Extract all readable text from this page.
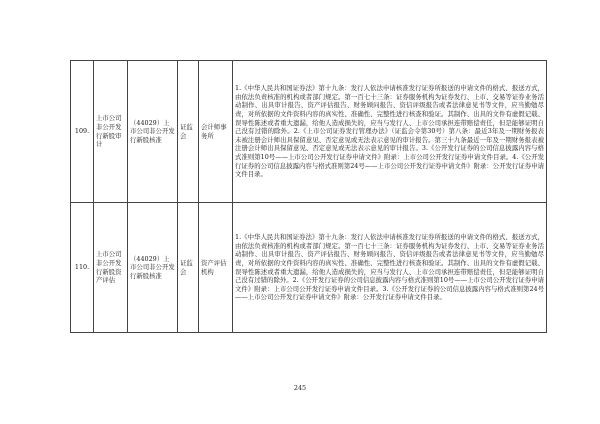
109.	上市公司非公开发行新股审计	（44029）上市公司非公开发行新股核准	证监会	会计师事务所	1.《中华人民共和国证券法》第十九条：发行人依法申请核准发行证券所报送的申请文件的格式、报送方式，由依法负责核准的机构或者部门规定。第一百七十三条：证券服务机构为证券发行、上市、交易等证券业务活动制作、出具审计报告、资产评估报告、财务顾问报告、资信评级报告或者法律意见书等文件，应当勤勉尽责，对所依据的文件资料内容的真实性、准确性、完整性进行核查和验证。其制作、出具的文件有虚假记载、误导性陈述或者重大遗漏，给他人造成损失的，应当与发行人、上市公司承担连带赔偿责任，但是能够证明自己没有过错的除外。2.《上市公司证券发行管理办法》（证监会令第30号）第八条：最近3年及一期财务报表未被注册会计师出具保留意见、否定意见或无法表示意见的审计报告。第三十九条最近一年及一期财务报表被注册会计师出具保留意见、否定意见或无法表示意见的审计报告。3.《公开发行证券的公司信息披露内容与格式准则第10号——上市公司公开发行证券申请文件》附录：上市公司公开发行证券申请文件目录。4.《公开发行证券的公司信息披露内容与格式准则第24号——上市公司公开发行证券申请文件》附录：公开发行证券申请文件目录。
110.	上市公司非公开发行新股资产评估	（44029）上市公司非公开发行新股核准	证监会	资产评估机构	1.《中华人民共和国证券法》第十九条：发行人依法申请核准发行证券所报送的申请文件的格式、报送方式，由依法负责核准的机构或者部门规定。第一百七十三条：证券服务机构为证券发行、上市、交易等证券业务活动制作、出具审计报告、资产评估报告、财务顾问报告、资信评级报告或者法律意见书等文件，应当勤勉尽责，对所依据的文件资料内容的真实性、准确性、完整性进行核查和验证。其制作、出具的文件有虚假记载、误导性陈述或者重大遗漏，给他人造成损失的，应当与发行人、上市公司承担连带赔偿责任，但是能够证明自己没有过错的除外。2.《公开发行证券的公司信息披露内容与格式准则第10号——上市公司公开发行证券申请文件》附录：上市公司公开发行证券申请文件目录。3.《公开发行证券的公司信息披露内容与格式准则第24号——上市公司公开发行证券申请文件》附录：公开发行证券申请文件目录。
245
